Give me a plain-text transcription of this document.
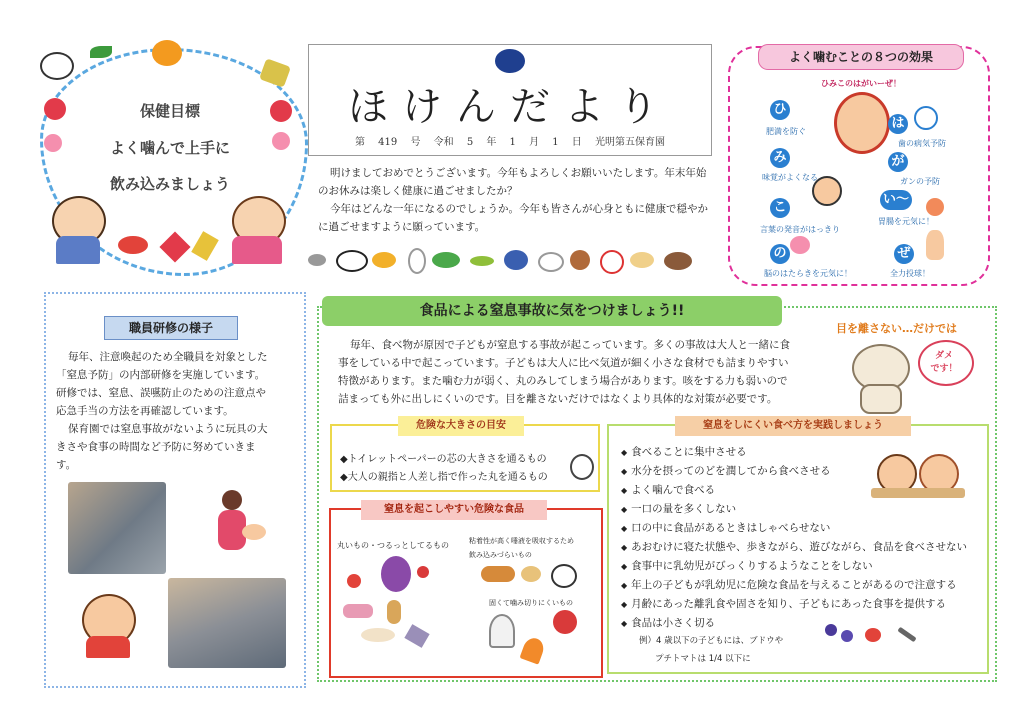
保健目標
よく噛んで上手に
飲み込みましょう
ほけんだより
第 419 号 令和 5 年 1 月 1 日 光明第五保育園
明けましておめでとうございます。今年もよろしくお願いいたします。年末年始
のお休みは楽しく健康に過ごせましたか？
今年はどんな一年になるのでしょうか。今年も皆さんが心身ともに健康で穏やか
に過ごせますように願っています。
よく噛むことの８つの効果
ひみこのはがいーぜ！
ひ
肥満を防ぐ
み
味覚がよくなる
こ
言葉の発音がはっきり
の
脳のはたらきを元気に！
は
歯の病気予防
が
ガンの予防
い～
胃腸を元気に！
ぜ
全力投球！
職員研修の様子
毎年、注意喚起のため全職員を対象とした
「窒息予防」の内部研修を実施しています。
研修では、窒息、誤嚥防止のための注意点や
応急手当の方法を再確認しています。
保育園では窒息事故がないように玩具の大
きさや食事の時間など予防に努めていきま
す。
食品による窒息事故に気をつけましょう!!
毎年、食べ物が原因で子どもが窒息する事故が起こっています。多くの事故は大人と一緒に食
事をしている中で起こっています。子どもは大人に比べ気道が細く小さな食材でも詰まりやすい
特徴があります。また噛む力が弱く、丸のみしてしまう場合があります。咳をする力も弱いので
詰まっても外に出しにくいのです。目を離さないだけではなくより具体的な対策が必要です。
目を離さない…だけでは
ダメ
です！
危険な大きさの目安
◆トイレットペーパーの芯の大きさを通るもの
◆大人の親指と人差し指で作った丸を通るもの
窒息を起こしやすい危険な食品
丸いもの・つるっとしてるもの	粘着性が高く唾液を吸収するため
飲み込みづらいもの
固くて噛み切りにくいもの
窒息をしにくい食べ方を実践しましょう
◆ 食べることに集中させる
◆ 水分を摂ってのどを潤してから食べさせる
◆ よく噛んで食べる
◆ 一口の量を多くしない
◆ 口の中に食品があるときはしゃべらせない
◆ あおむけに寝た状態や、歩きながら、遊びながら、食品を食べさせない
◆ 食事中に乳幼児がびっくりするようなことをしない
◆ 年上の子どもが乳幼児に危険な食品を与えることがあるので注意する
◆ 月齢にあった離乳食や固さを知り、子どもにあった食事を提供する
◆ 食品は小さく切る
例）4 歳以下の子どもには、ブドウや
プチトマトは 1/4 以下に
